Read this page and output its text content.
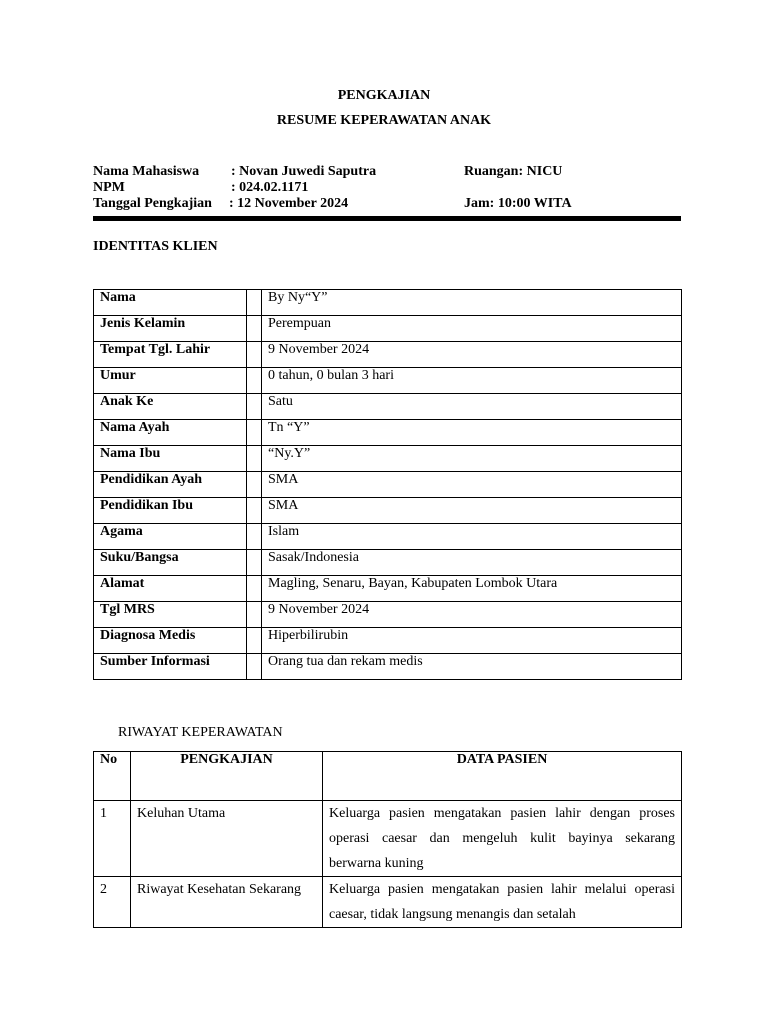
PENGKAJIAN
RESUME KEPERAWATAN ANAK
Nama Mahasiswa : Novan Juwedi Saputra	Ruangan: NICU
NPM	: 024.02.1171
Tanggal Pengkajian : 12 November 2024	Jam: 10:00 WITA
IDENTITAS KLIEN
Nama		By Ny“Y”
Jenis Kelamin		Perempuan
Tempat Tgl. Lahir		9 November 2024
Umur		0 tahun, 0 bulan 3 hari
Anak Ke		Satu
Nama Ayah		Tn “Y”
Nama Ibu		“Ny.Y”
Pendidikan Ayah		SMA
Pendidikan Ibu		SMA
Agama		Islam
Suku/Bangsa		Sasak/Indonesia
Alamat		Magling, Senaru, Bayan, Kabupaten Lombok Utara
Tgl MRS		9 November 2024
Diagnosa Medis		Hiperbilirubin
Sumber Informasi		Orang tua dan rekam medis
RIWAYAT KEPERAWATAN
No	PENGKAJIAN	DATA PASIEN
1	Keluhan Utama	Keluarga pasien mengatakan pasien lahir dengan proses operasi caesar dan mengeluh kulit bayinya sekarang berwarna kuning
2	Riwayat Kesehatan Sekarang	Keluarga pasien mengatakan pasien lahir melalui operasi caesar, tidak langsung menangis dan setalah
